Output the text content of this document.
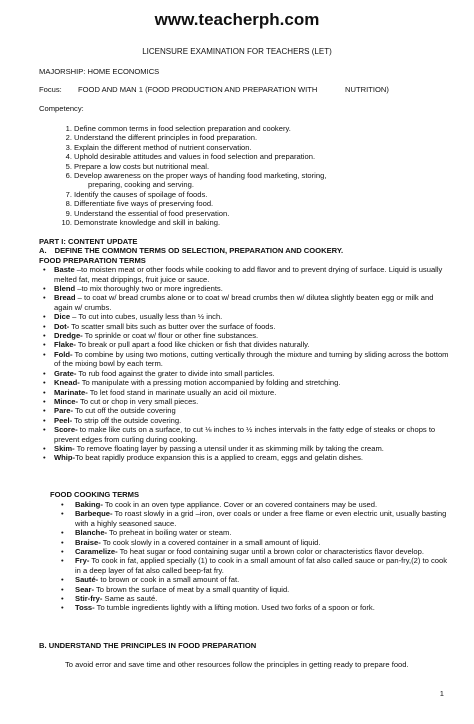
www.teacherph.com
LICENSURE EXAMINATION FOR TEACHERS (LET)
MAJORSHIP: HOME ECONOMICS
Focus: FOOD AND MAN 1 (FOOD PRODUCTION AND PREPARATION WITH	NUTRITION)
Competency:
1. Define common terms in food selection preparation and cookery.
2. Understand the different principles in food preparation.
3. Explain the different method of nutrient conservation.
4. Uphold desirable attitudes and values in food selection and preparation.
5. Prepare a low costs but nutritional meal.
6. Develop awareness on the proper ways of handing food marketing, storing,
preparing, cooking and serving.
7. Identify the causes of spoilage of foods.
8. Differentiate five ways of preserving food.
9. Understand the essential of food preservation.
10. Demonstrate knowledge and skill in baking.
PART I: CONTENT UPDATE
A. DEFINE THE COMMON TERMS OD SELECTION, PREPARATION AND COOKERY.
FOOD PREPARATION TERMS
• Baste –to moisten meat or other foods while cooking to add flavor and to prevent drying of surface. Liquid is usually melted fat, meat drippings, fruit juice or sauce.
• Blend –to mix thoroughly two or more ingredients.
• Bread – to coat w/ bread crumbs alone or to coat w/ bread crumbs then w/ dilutea slightly beaten egg or milk and again w/ crumbs.
• Dice – To cut into cubes, usually less than ½ inch.
• Dot- To scatter small bits such as butter over the surface of foods.
• Dredge- To sprinkle or coat w/ flour or other fine substances.
• Flake- To break or pull apart a food like chicken or fish that divides naturally.
• Fold- To combine by using two motions, cutting vertically through the mixture and turning by sliding across the bottom of the mixing bowl by each term.
• Grate- To rub food against the grater to divide into small particles.
• Knead- To manipulate with a pressing motion accompanied by folding and stretching.
• Marinate- To let food stand in marinate usually an acid oil mixture.
• Mince- To cut or chop in very small pieces.
• Pare- To cut off the outside covering
• Peel- To strip off the outside covering.
• Score- to make like cuts on a surface, to cut ⅛ inches to ½ inches intervals in the fatty edge of steaks or chops to prevent edges from curling during cooking.
• Skim- To remove floating layer by passing a utensil under it as skimming milk by taking the cream.
• Whip-To beat rapidly produce expansion this is a applied to cream, eggs and gelatin dishes.
FOOD COOKING TERMS
• Baking- To cook in an oven type appliance. Cover or an covered containers may be used.
• Barbeque- To roast slowly in a grid –iron, over coals or under a free flame or even electric unit, usually basting with a highly seasoned sauce.
• Blanche- To preheat in boiling water or steam.
• Braise- To cook slowly in a covered container in a small amount of liquid.
• Caramelize- To heat sugar or food containing sugar until a brown color or characteristics flavor develop.
• Fry- To cook in fat, applied specially (1) to cook in a small amount of fat also called sauce or pan-fry,(2) to cook in a deep layer of fat also called beep-fat fry.
• Sauté- to brown or cook in a small amount of fat.
• Sear- To brown the surface of meat by a small quantity of liquid.
• Stir-fry- Same as sauté.
• Toss- To tumble ingredients lightly with a lifting motion. Used two forks of a spoon or fork.
B. UNDERSTAND THE PRINCIPLES IN FOOD PREPARATION
To avoid error and save time and other resources follow the principles in getting ready to prepare food.
1
